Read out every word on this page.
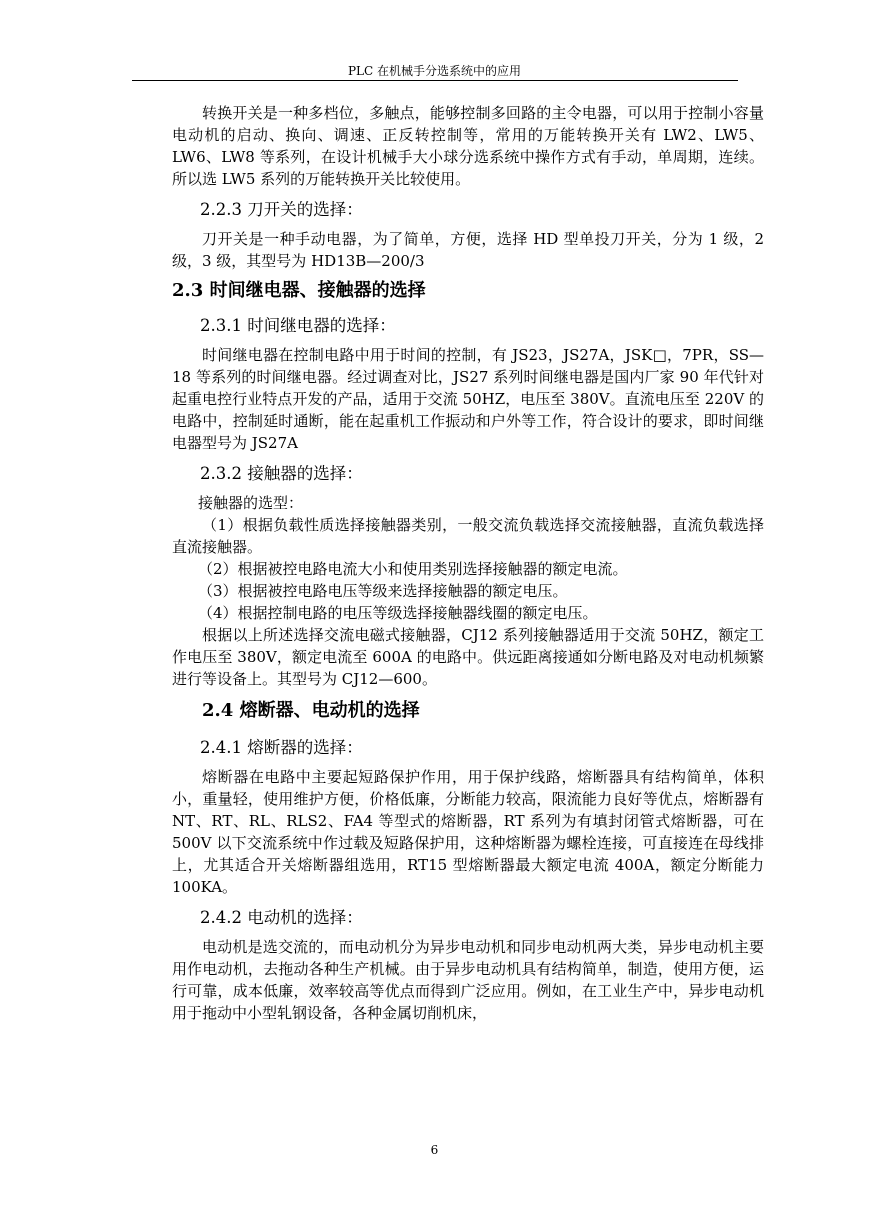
PLC 在机械手分选系统中的应用

转换开关是一种多档位，多触点，能够控制多回路的主令电器，可以用于控制小容量电动机的启动、换向、调速、正反转控制等，常用的万能转换开关有 LW2、LW5、LW6、LW8 等系列，在设计机械手大小球分选系统中操作方式有手动，单周期，连续。所以选 LW5 系列的万能转换开关比较使用。

2.2.3 刀开关的选择：

刀开关是一种手动电器，为了简单，方便，选择 HD 型单投刀开关，分为 1 级，2 级，3 级，其型号为 HD13B—200/3

2.3 时间继电器、接触器的选择

2.3.1 时间继电器的选择：

时间继电器在控制电路中用于时间的控制，有 JS23，JS27A，JSK□，7PR，SS—18 等系列的时间继电器。经过调查对比，JS27 系列时间继电器是国内厂家 90 年代针对起重电控行业特点开发的产品，适用于交流 50HZ，电压至 380V。直流电压至 220V 的电路中，控制延时通断，能在起重机工作振动和户外等工作，符合设计的要求，即时间继电器型号为 JS27A

2.3.2 接触器的选择：

接触器的选型：

（1）根据负载性质选择接触器类别，一般交流负载选择交流接触器，直流负载选择直流接触器。

（2）根据被控电路电流大小和使用类别选择接触器的额定电流。

（3）根据被控电路电压等级来选择接触器的额定电压。

（4）根据控制电路的电压等级选择接触器线圈的额定电压。

根据以上所述选择交流电磁式接触器，CJ12 系列接触器适用于交流 50HZ，额定工作电压至 380V，额定电流至 600A 的电路中。供远距离接通如分断电路及对电动机频繁进行等设备上。其型号为 CJ12—600。

2.4 熔断器、电动机的选择

2.4.1 熔断器的选择：

熔断器在电路中主要起短路保护作用，用于保护线路，熔断器具有结构简单，体积小，重量轻，使用维护方便，价格低廉，分断能力较高，限流能力良好等优点，熔断器有 NT、RT、RL、RLS2、FA4 等型式的熔断器，RT 系列为有填封闭管式熔断器，可在 500V 以下交流系统中作过载及短路保护用，这种熔断器为螺栓连接，可直接连在母线排上，尤其适合开关熔断器组选用，RT15 型熔断器最大额定电流 400A，额定分断能力 100KA。

2.4.2 电动机的选择：

电动机是选交流的，而电动机分为异步电动机和同步电动机两大类，异步电动机主要用作电动机，去拖动各种生产机械。由于异步电动机具有结构简单，制造，使用方便，运行可靠，成本低廉，效率较高等优点而得到广泛应用。例如，在工业生产中，异步电动机用于拖动中小型轧钢设备，各种金属切削机床，

6
